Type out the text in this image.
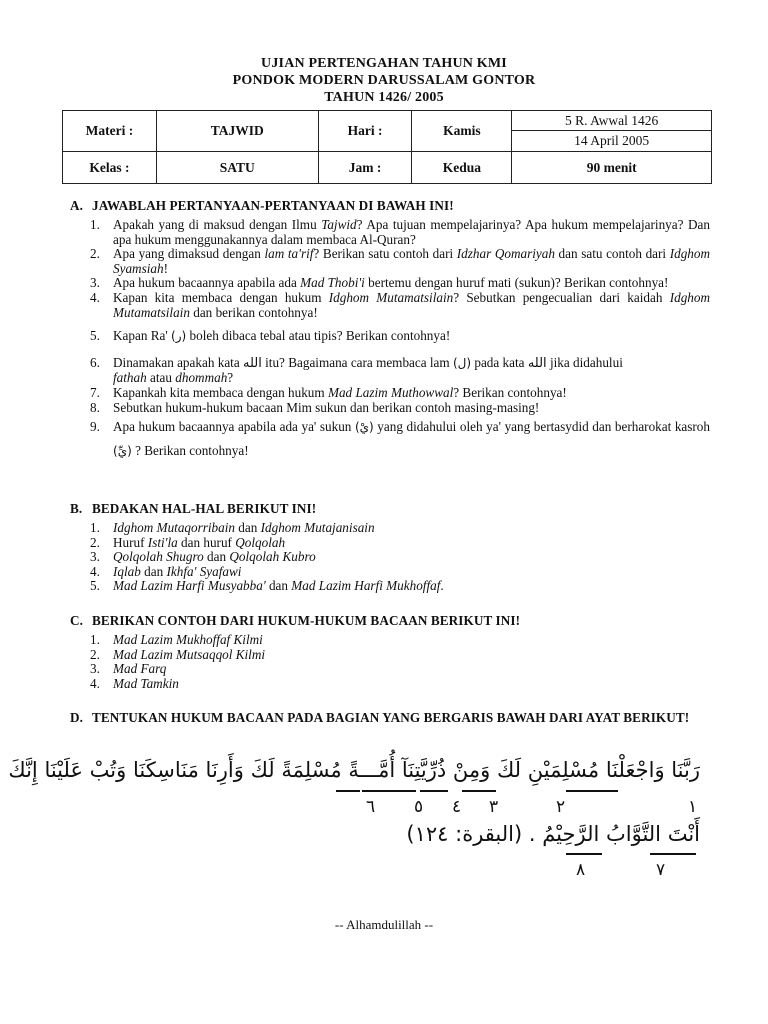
UJIAN PERTENGAHAN TAHUN KMI
PONDOK MODERN DARUSSALAM GONTOR
TAHUN 1426/ 2005
Materi :	TAJWID	Hari :	Kamis	5 R. Awwal 1426
14 April 2005

Kelas :	SATU	Jam :	Kedua	90 menit
A. JAWABLAH PERTANYAAN-PERTANYAAN DI BAWAH INI!
1. Apakah yang di maksud dengan Ilmu Tajwid? Apa tujuan mempelajarinya? Apa hukum mempelajarinya? Dan apa hukum menggunakannya dalam membaca Al-Quran?
2. Apa yang dimaksud dengan lam ta'rif? Berikan satu contoh dari Idzhar Qomariyah dan satu contoh dari Idghom Syamsiah!
3. Apa hukum bacaannya apabila ada Mad Thobi'i bertemu dengan huruf mati (sukun)? Berikan contohnya!
4. Kapan kita membaca dengan hukum Idghom Mutamatsilain? Sebutkan pengecualian dari kaidah Idghom Mutamatsilain dan berikan contohnya!
5. Kapan Ra' (ر) boleh dibaca tebal atau tipis? Berikan contohnya!
6. Dinamakan apakah kata الله itu? Bagaimana cara membaca lam (ل) pada kata الله jika didahului
fathah atau dhommah?
7. Kapankah kita membaca dengan hukum Mad Lazim Muthowwal? Berikan contohnya!
8. Sebutkan hukum-hukum bacaan Mim sukun dan berikan contoh masing-masing!
9. Apa hukum bacaannya apabila ada ya' sukun (يْ) yang didahului oleh ya' yang bertasydid dan berharokat kasroh (يِّ) ? Berikan contohnya!
B. BEDAKAN HAL-HAL BERIKUT INI!
1. Idghom Mutaqorribain dan Idghom Mutajanisain
2. Huruf Isti'la dan huruf Qolqolah
3. Qolqolah Shugro dan Qolqolah Kubro
4. Iqlab dan Ikhfa' Syafawi
5. Mad Lazim Harfi Musyabba' dan Mad Lazim Harfi Mukhoffaf.
C. BERIKAN CONTOH DARI HUKUM-HUKUM BACAAN BERIKUT INI!
1. Mad Lazim Mukhoffaf Kilmi
2. Mad Lazim Mutsaqqol Kilmi
3. Mad Farq
4. Mad Tamkin
D. TENTUKAN HUKUM BACAAN PADA BAGIAN YANG BERGARIS BAWAH DARI AYAT BERIKUT!
رَبَّنَا وَاجْعَلْنَا مُسْلِمَيْنِ لَكَ وَمِنْ ذُرِّيَّتِنَآ أُمَّـــةً مُسْلِمَةً لَكَ وَأَرِنَا مَنَاسِكَنَا وَتُبْ عَلَيْنَا إِنَّكَ
١
٢
٣
٤
٥
٦
أَنْتَ التَّوَّابُ الرَّحِيْمُ . (البقرة: ١٢٤)
٧
٨
-- Alhamdulillah --
